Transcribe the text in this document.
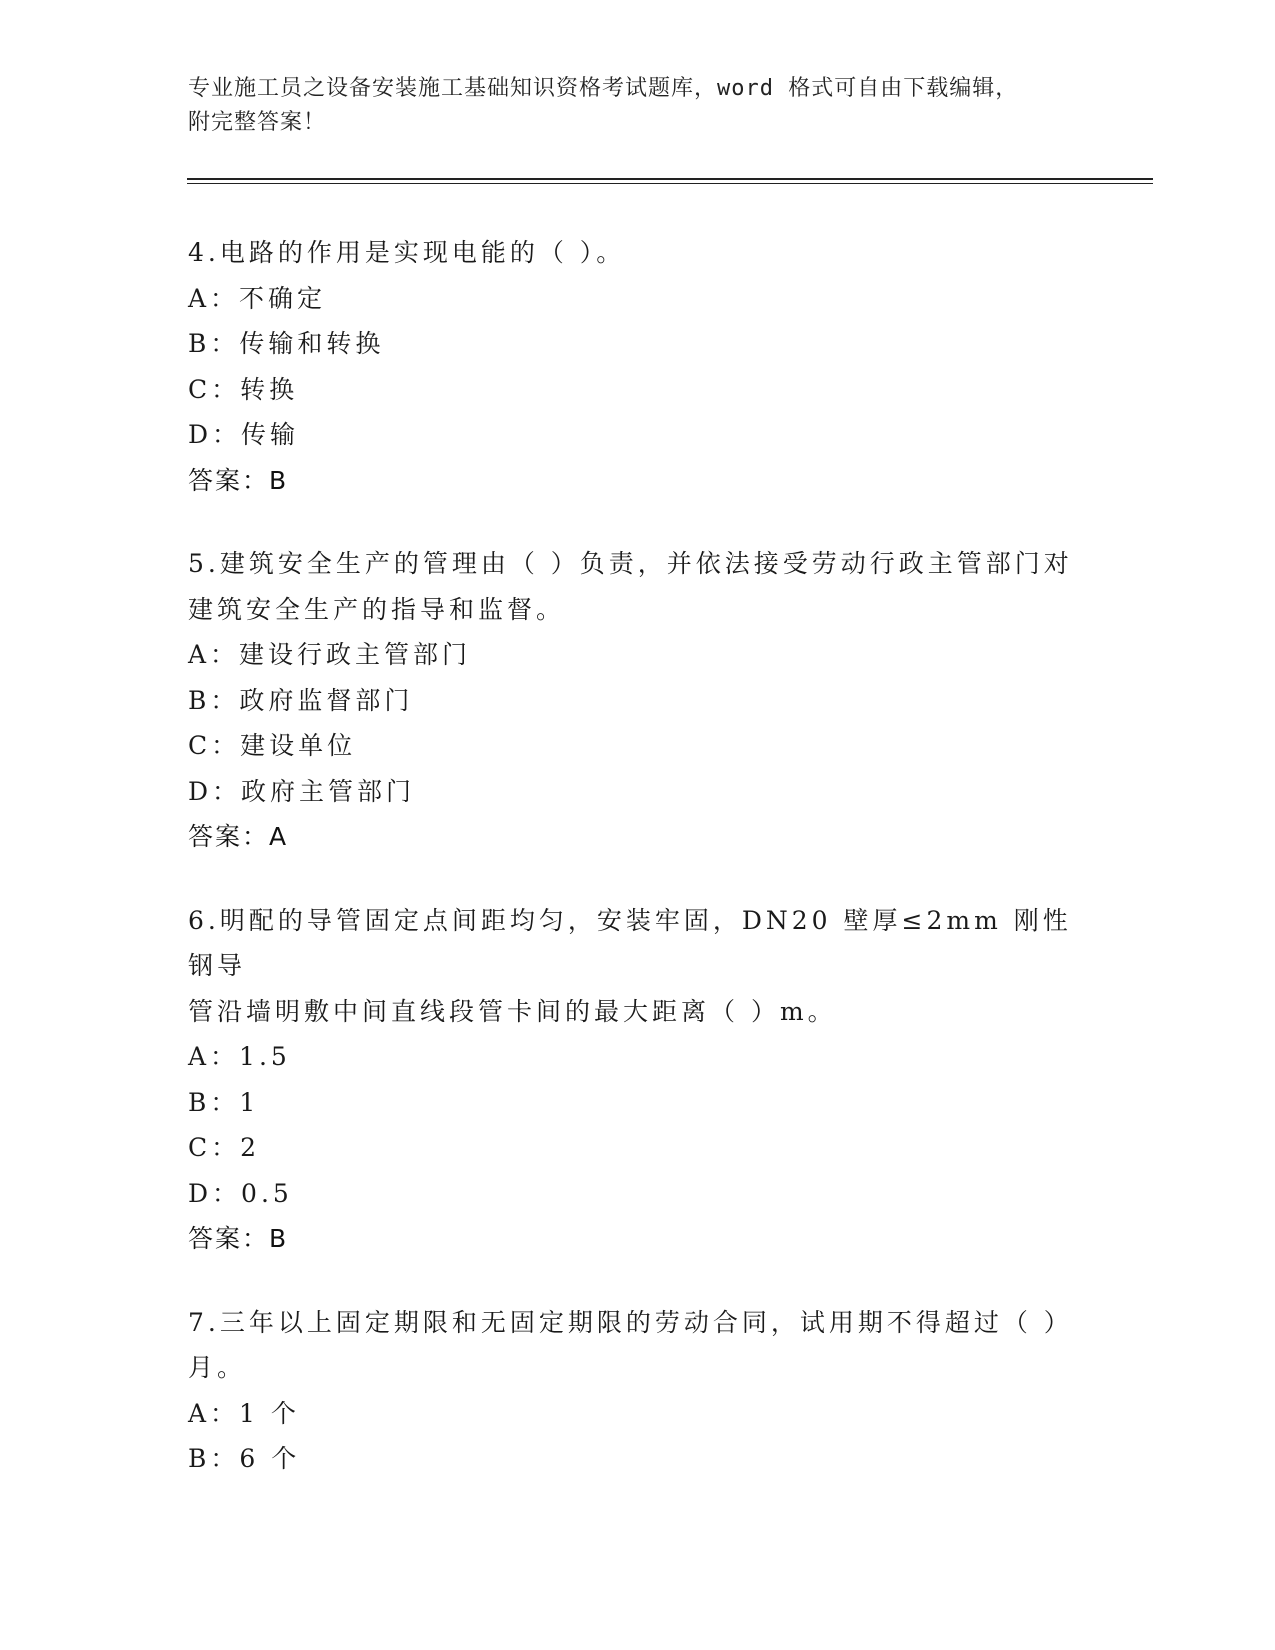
专业施工员之设备安装施工基础知识资格考试题库，word 格式可自由下载编辑，
附完整答案！
4.电路的作用是实现电能的（ ）。
A：不确定
B：传输和转换
C：转换
D：传输
答案：B
5.建筑安全生产的管理由（ ）负责，并依法接受劳动行政主管部门对
建筑安全生产的指导和监督。
A：建设行政主管部门
B：政府监督部门
C：建设单位
D：政府主管部门
答案：A
6.明配的导管固定点间距均匀，安装牢固，DN20 壁厚≤2mm 刚性钢导
管沿墙明敷中间直线段管卡间的最大距离（ ）m。
A：1.5
B：1
C：2
D：0.5
答案：B
7.三年以上固定期限和无固定期限的劳动合同，试用期不得超过（ ）
月。
A：1 个
B：6 个
